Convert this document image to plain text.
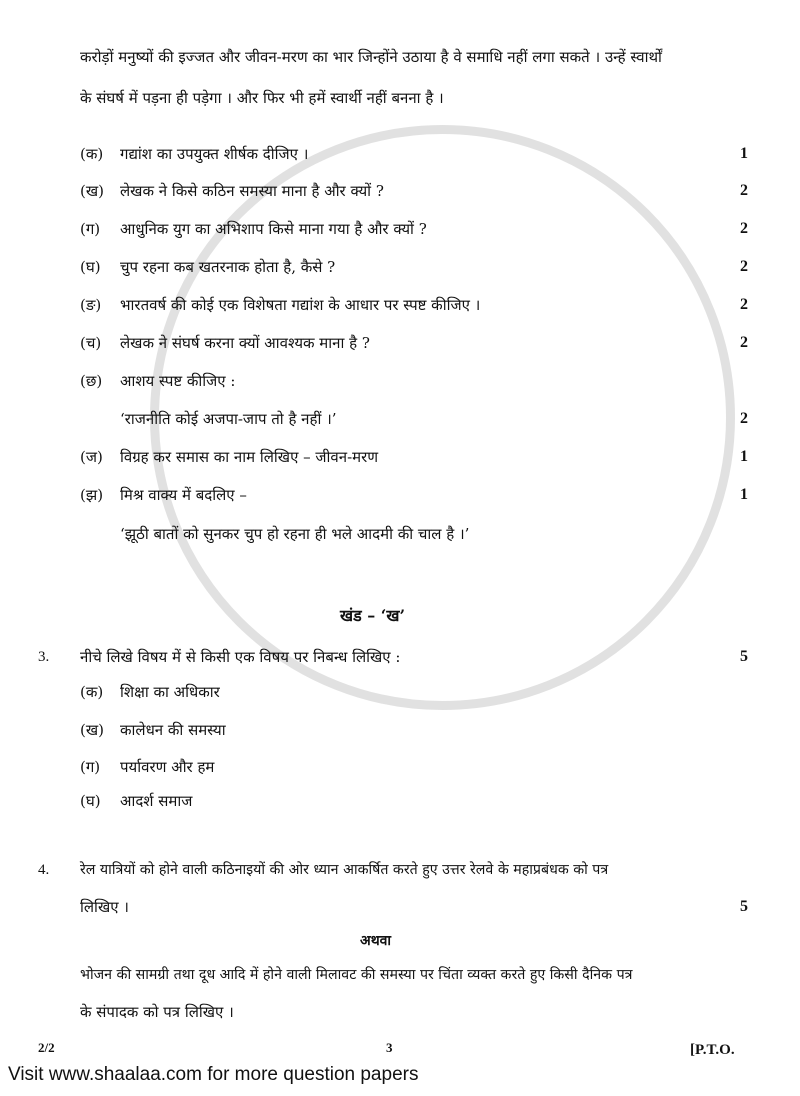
करोड़ों मनुष्यों की इज्जत और जीवन-मरण का भार जिन्होंने उठाया है वे समाधि नहीं लगा सकते । उन्हें स्वार्थों
के संघर्ष में पड़ना ही पड़ेगा । और फिर भी हमें स्वार्थी नहीं बनना है ।
(क) गद्यांश का उपयुक्त शीर्षक दीजिए ।	1
(ख) लेखक ने किसे कठिन समस्या माना है और क्यों ?	2
(ग) आधुनिक युग का अभिशाप किसे माना गया है और क्यों ?	2
(घ) चुप रहना कब खतरनाक होता है, कैसे ?	2
(ङ) भारतवर्ष की कोई एक विशेषता गद्यांश के आधार पर स्पष्ट कीजिए ।	2
(च) लेखक ने संघर्ष करना क्यों आवश्यक माना है ?	2
(छ) आशय स्पष्ट कीजिए :
‘राजनीति कोई अजपा-जाप तो है नहीं ।’	2
(ज) विग्रह कर समास का नाम लिखिए – जीवन-मरण	1
(झ) मिश्र वाक्य में बदलिए –	1
‘झूठी बातों को सुनकर चुप हो रहना ही भले आदमी की चाल है ।’
खंड – ‘ख’
3. नीचे लिखे विषय में से किसी एक विषय पर निबन्ध लिखिए :	5
(क) शिक्षा का अधिकार
(ख) कालेधन की समस्या
(ग) पर्यावरण और हम
(घ) आदर्श समाज
4. रेल यात्रियों को होने वाली कठिनाइयों की ओर ध्यान आकर्षित करते हुए उत्तर रेलवे के महाप्रबंधक को पत्र
लिखिए ।	5
अथवा
भोजन की सामग्री तथा दूध आदि में होने वाली मिलावट की समस्या पर चिंता व्यक्त करते हुए किसी दैनिक पत्र
के संपादक को पत्र लिखिए ।
2/2	3	[P.T.O.
Visit www.shaalaa.com for more question papers
